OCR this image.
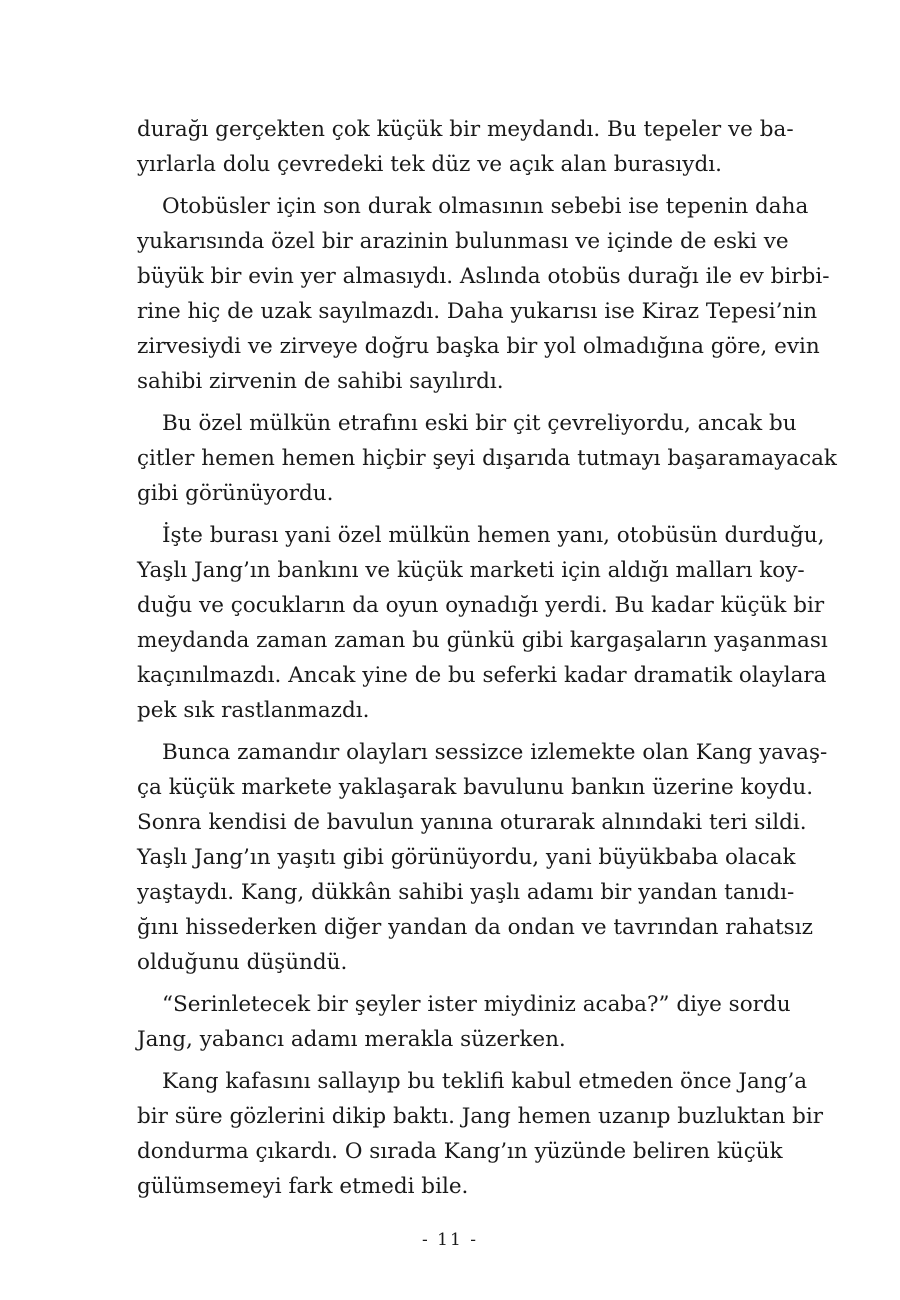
durağı gerçekten çok küçük bir meydandı. Bu tepeler ve ba-
yırlarla dolu çevredeki tek düz ve açık alan burasıydı.

Otobüsler için son durak olmasının sebebi ise tepenin daha
yukarısında özel bir arazinin bulunması ve içinde de eski ve
büyük bir evin yer almasıydı. Aslında otobüs durağı ile ev birbi-
rine hiç de uzak sayılmazdı. Daha yukarısı ise Kiraz Tepesi’nin
zirvesiydi ve zirveye doğru başka bir yol olmadığına göre, evin
sahibi zirvenin de sahibi sayılırdı.

Bu özel mülkün etrafını eski bir çit çevreliyordu, ancak bu
çitler hemen hemen hiçbir şeyi dışarıda tutmayı başaramayacak
gibi görünüyordu.

İşte burası yani özel mülkün hemen yanı, otobüsün durduğu,
Yaşlı Jang’ın bankını ve küçük marketi için aldığı malları koy-
duğu ve çocukların da oyun oynadığı yerdi. Bu kadar küçük bir
meydanda zaman zaman bu günkü gibi kargaşaların yaşanması
kaçınılmazdı. Ancak yine de bu seferki kadar dramatik olaylara
pek sık rastlanmazdı.

Bunca zamandır olayları sessizce izlemekte olan Kang yavaş-
ça küçük markete yaklaşarak bavulunu bankın üzerine koydu.
Sonra kendisi de bavulun yanına oturarak alnındaki teri sildi.
Yaşlı Jang’ın yaşıtı gibi görünüyordu, yani büyükbaba olacak
yaştaydı. Kang, dükkân sahibi yaşlı adamı bir yandan tanıdı-
ğını hissederken diğer yandan da ondan ve tavrından rahatsız
olduğunu düşündü.

“Serinletecek bir şeyler ister miydiniz acaba?” diye sordu
Jang, yabancı adamı merakla süzerken.

Kang kafasını sallayıp bu teklifi kabul etmeden önce Jang’a
bir süre gözlerini dikip baktı. Jang hemen uzanıp buzluktan bir
dondurma çıkardı. O sırada Kang’ın yüzünde beliren küçük
gülümsemeyi fark etmedi bile.

- 11 -
